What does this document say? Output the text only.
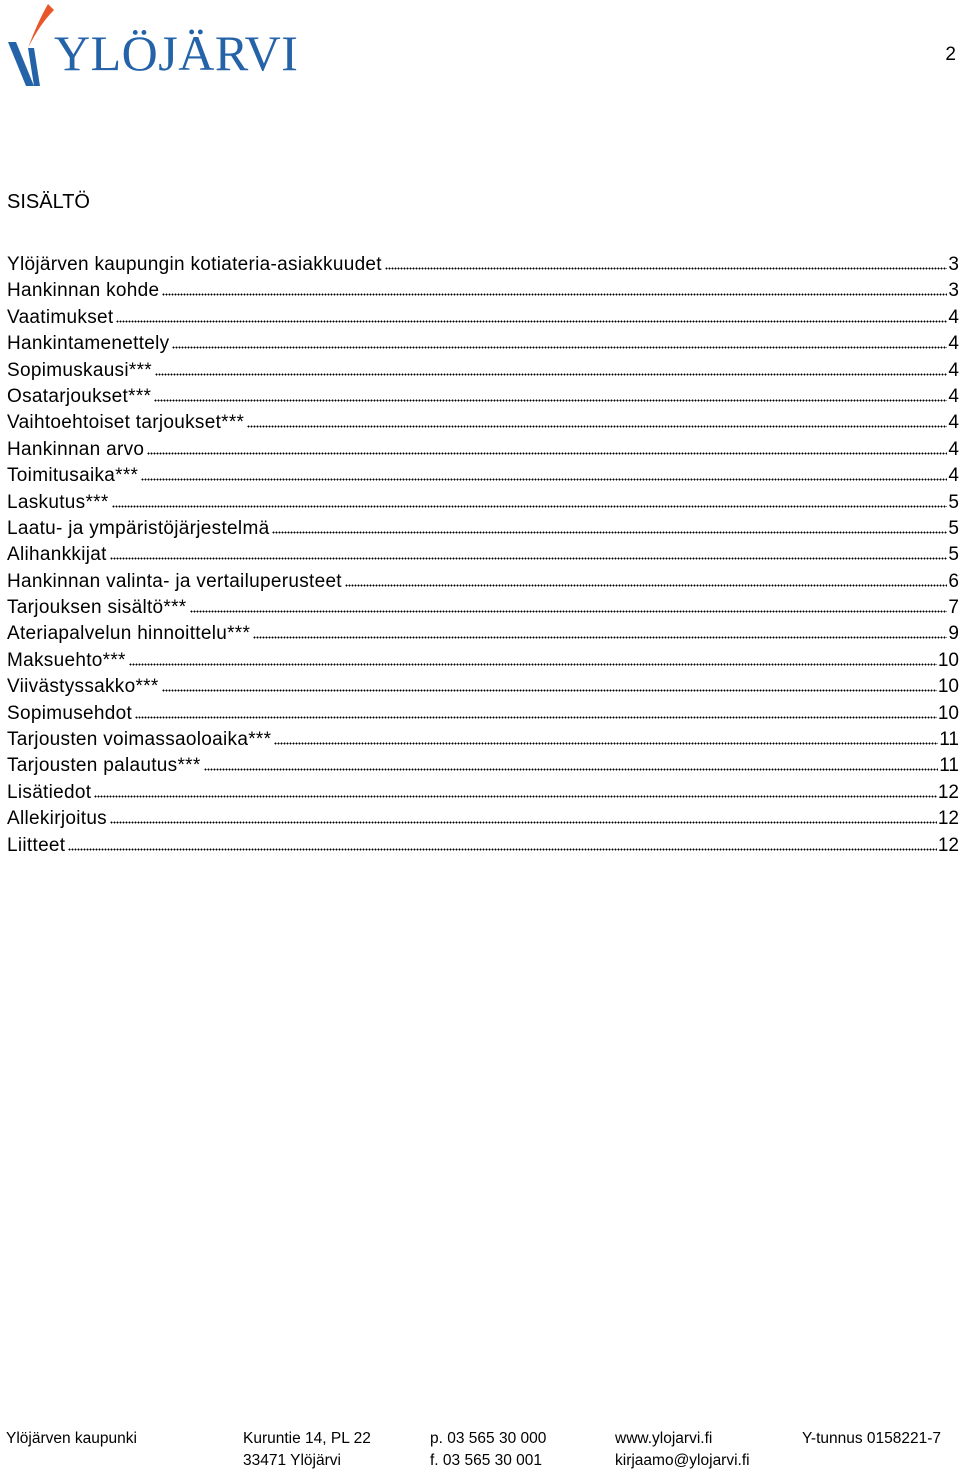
YLÖJÄRVI	2
SISÄLTÖ
Ylöjärven kaupungin kotiateria-asiakkuudet	3
Hankinnan kohde	3
Vaatimukset	4
Hankintamenettely	4
Sopimuskausi***	4
Osatarjoukset***	4
Vaihtoehtoiset tarjoukset***	4
Hankinnan arvo	4
Toimitusaika***	4
Laskutus***	5
Laatu- ja ympäristöjärjestelmä	5
Alihankkijat	5
Hankinnan valinta- ja vertailuperusteet	6
Tarjouksen sisältö***	7
Ateriapalvelun hinnoittelu***	9
Maksuehto***	10
Viivästyssakko***	10
Sopimusehdot	10
Tarjousten voimassaoloaika***	11
Tarjousten palautus***	11
Lisätiedot	12
Allekirjoitus	12
Liitteet	12
Ylöjärven kaupunki	Kuruntie 14, PL 22
33471 Ylöjärvi
p. 03 565 30 000
f. 03 565 30 001
www.ylojarvi.fi
kirjaamo@ylojarvi.fi
Y-tunnus 0158221-7
